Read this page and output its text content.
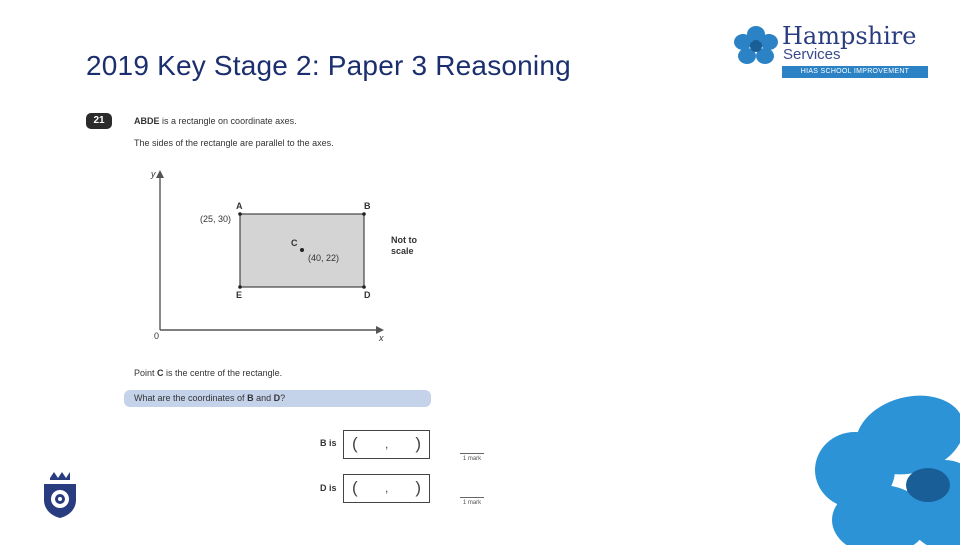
2019 Key Stage 2: Paper 3 Reasoning
Hampshire
Services
HIAS SCHOOL IMPROVEMENT
21	ABDE is a rectangle on coordinate axes.
The sides of the rectangle are parallel to the axes.
y
x
0
A	B
C
D
E
(25, 30)
(40, 22)
Not to
scale
Point C is the centre of the rectangle.
What are the coordinates of B and D?
B is ( , )
1 mark
D is ( , )
1 mark
